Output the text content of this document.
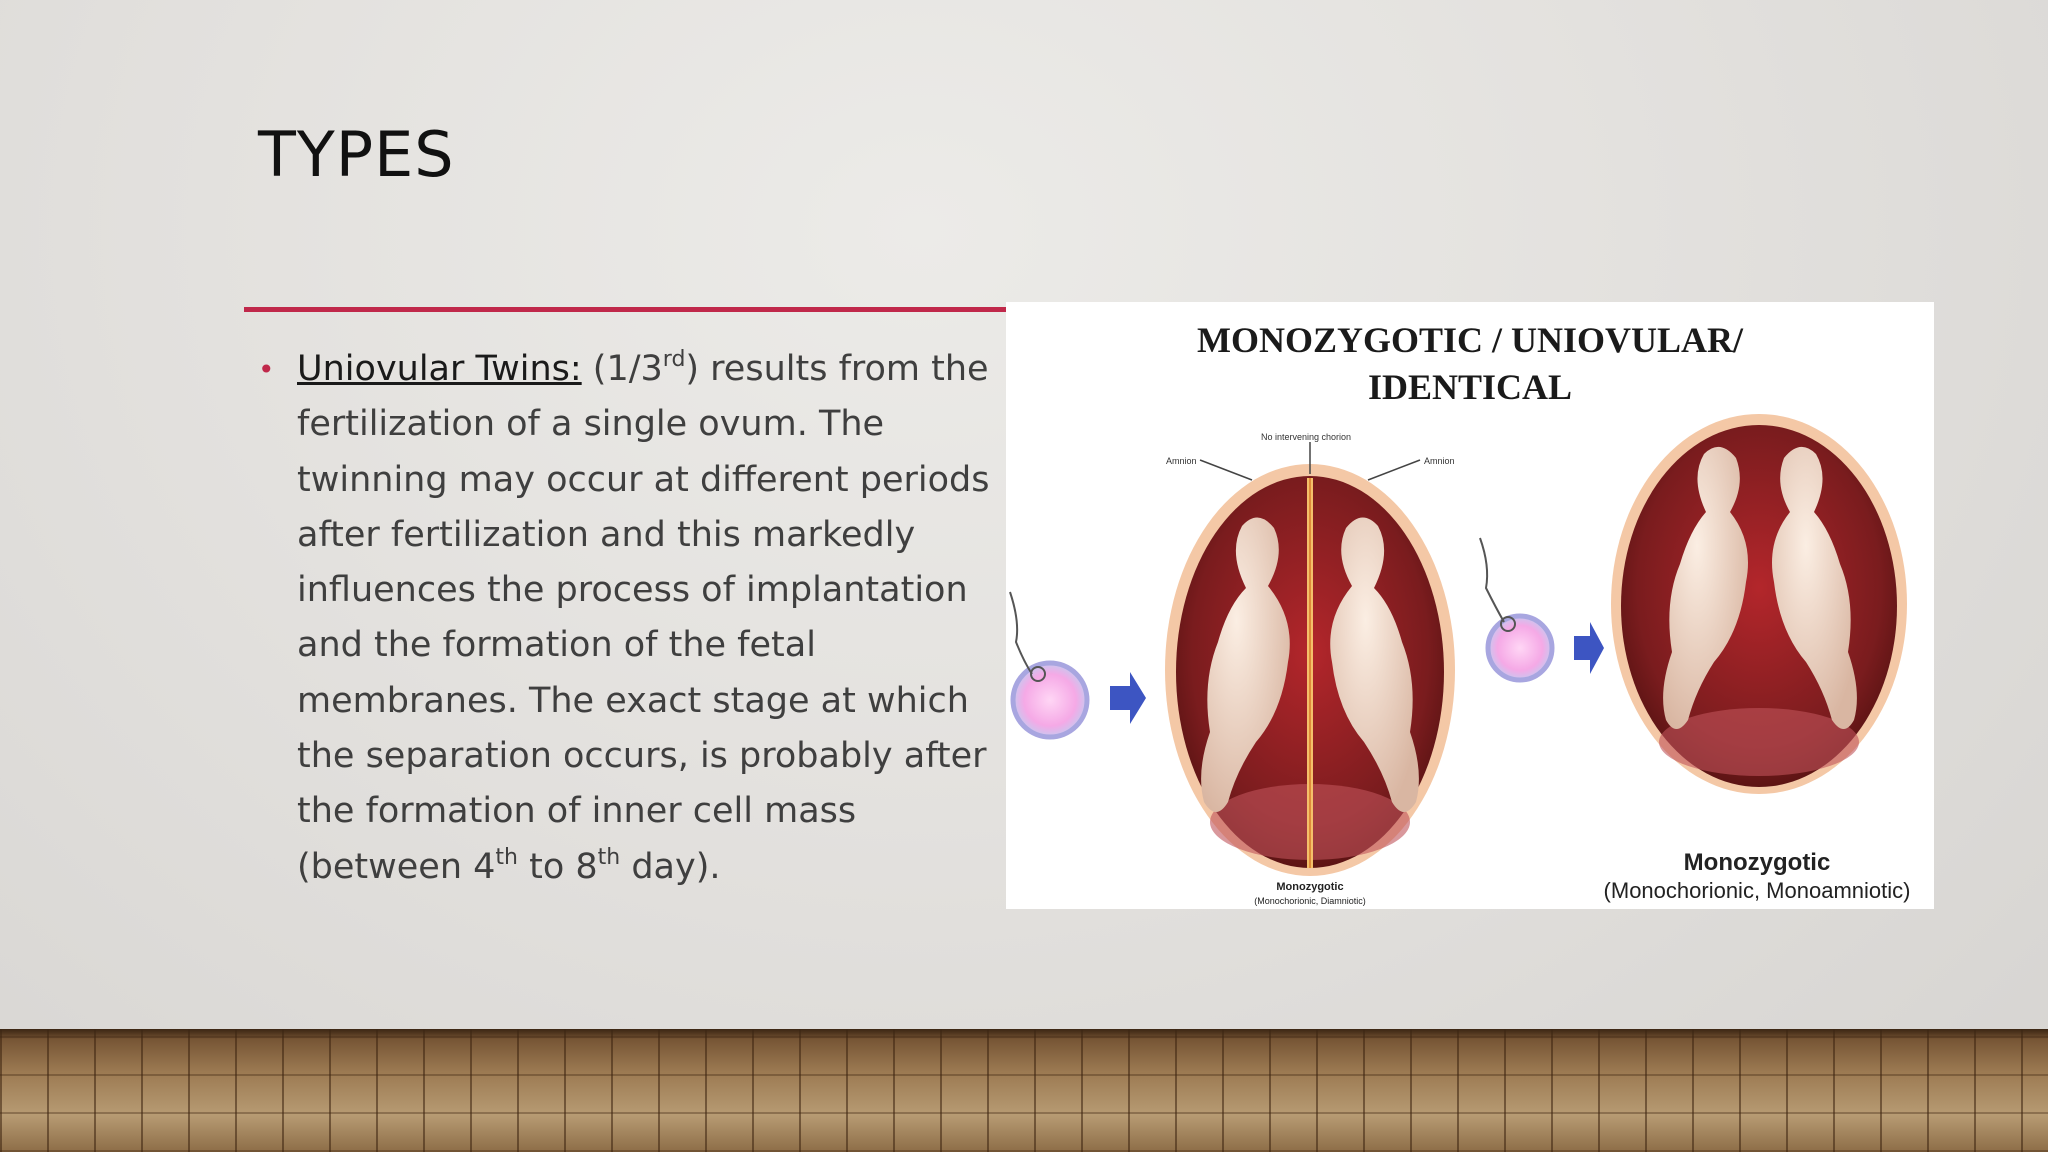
TYPES
• Uniovular Twins: (1/3rd) results from the fertilization of a single ovum. The twinning may occur at different periods after fertilization and this markedly influences the process of implantation and the formation of the fetal membranes. The exact stage at which the separation occurs, is probably after the formation of inner cell mass (between 4th to 8th day).

MONOZYGOTIC / UNIOVULAR/
IDENTICAL
No intervening chorion
Amnion	Amnion
Monozygotic
(Monochorionic, Diamniotic)
Monozygotic
(Monochorionic, Monoamniotic)
